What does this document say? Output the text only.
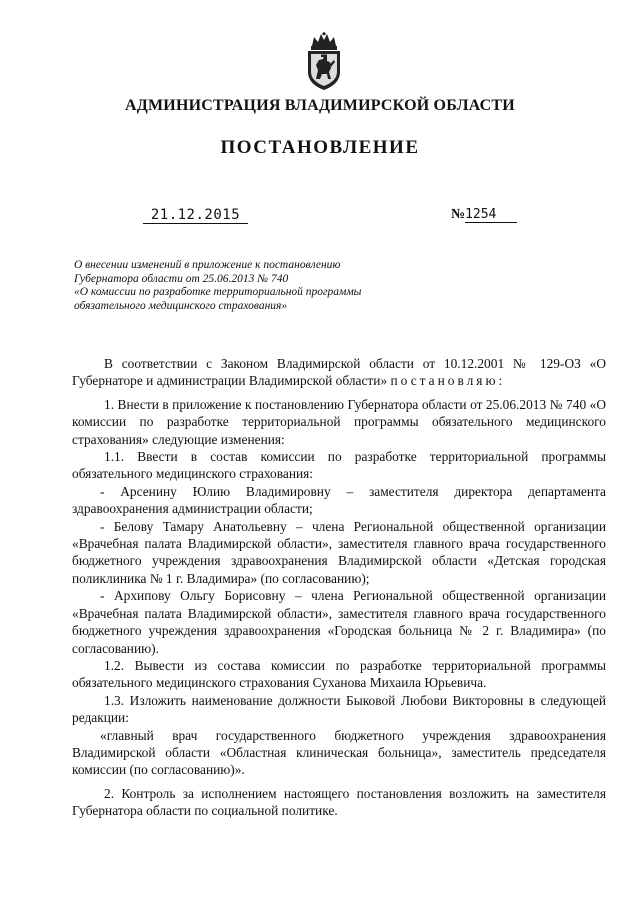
АДМИНИСТРАЦИЯ ВЛАДИМИРСКОЙ ОБЛАСТИ
ПОСТАНОВЛЕНИЕ
21.12.2015	№1254
О внесении изменений в приложение к постановлению
Губернатора области от 25.06.2013 № 740
«О комиссии по разработке территориальной программы
обязательного медицинского страхования»

В соответствии с Законом Владимирской области от 10.12.2001 № 129-ОЗ «О Губернаторе и администрации Владимирской области» постановляю:

1. Внести в приложение к постановлению Губернатора области от 25.06.2013 № 740 «О комиссии по разработке территориальной программы обязательного медицинского страхования» следующие изменения:

1.1. Ввести в состав комиссии по разработке территориальной программы обязательного медицинского страхования:

- Арсенину Юлию Владимировну – заместителя директора департамента здравоохранения администрации области;

- Белову Тамару Анатольевну – члена Региональной общественной организации «Врачебная палата Владимирской области», заместителя главного врача государственного бюджетного учреждения здравоохранения Владимирской области «Детская городская поликлиника № 1 г. Владимира» (по согласованию);

- Архипову Ольгу Борисовну – члена Региональной общественной организации «Врачебная палата Владимирской области», заместителя главного врача государственного бюджетного учреждения здравоохранения «Городская больница № 2 г. Владимира» (по согласованию).

1.2. Вывести из состава комиссии по разработке территориальной программы обязательного медицинского страхования Суханова Михаила Юрьевича.

1.3. Изложить наименование должности Быковой Любови Викторовны в следующей редакции:

«главный врач государственного бюджетного учреждения здравоохранения Владимирской области «Областная клиническая больница», заместитель председателя комиссии (по согласованию)».

2. Контроль за исполнением настоящего постановления возложить на заместителя Губернатора области по социальной политике.
